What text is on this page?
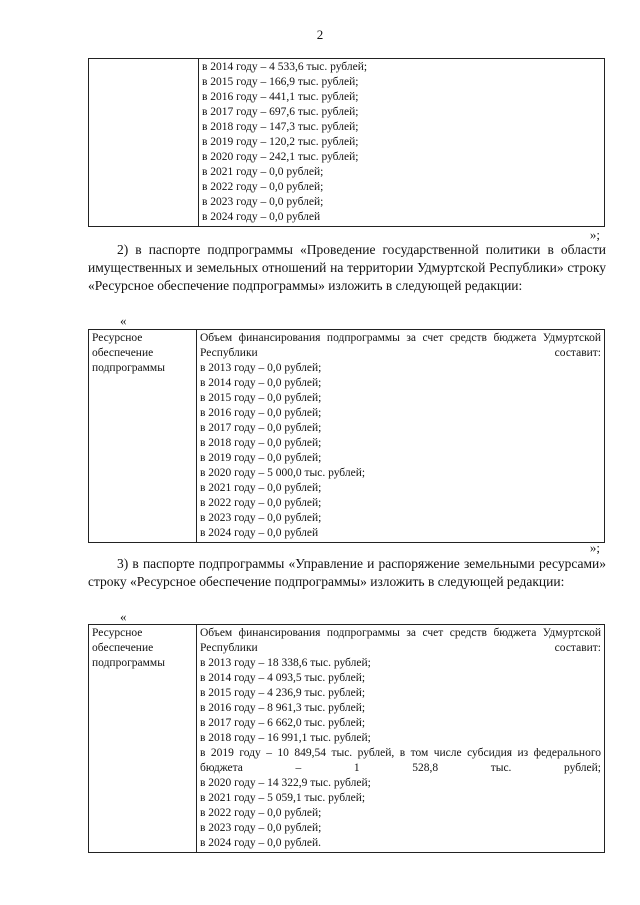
2

в 2014 году – 4 533,6 тыс. рублей;
в 2015 году – 166,9 тыс. рублей;
в 2016 году – 441,1 тыс. рублей;
в 2017 году – 697,6 тыс. рублей;
в 2018 году – 147,3 тыс. рублей;
в 2019 году – 120,2 тыс. рублей;
в 2020 году – 242,1 тыс. рублей;
в 2021 году – 0,0 рублей;
в 2022 году – 0,0 рублей;
в 2023 году – 0,0 рублей;
в 2024 году – 0,0 рублей
»;
2) в паспорте подпрограммы «Проведение государственной политики в области имущественных и земельных отношений на территории Удмуртской Республики» строку «Ресурсное обеспечение подпрограммы» изложить в следующей редакции:
«
Ресурсное обеспечение подпрограммы	
Объем финансирования подпрограммы за счет средств бюджета Удмуртской Республики составит:
в 2013 году – 0,0 рублей;
в 2014 году – 0,0 рублей;
в 2015 году – 0,0 рублей;
в 2016 году – 0,0 рублей;
в 2017 году – 0,0 рублей;
в 2018 году – 0,0 рублей;
в 2019 году – 0,0 рублей;
в 2020 году – 5 000,0 тыс. рублей;
в 2021 году – 0,0 рублей;
в 2022 году – 0,0 рублей;
в 2023 году – 0,0 рублей;
в 2024 году – 0,0 рублей
»;
3) в паспорте подпрограммы «Управление и распоряжение земельными ресурсами» строку «Ресурсное обеспечение подпрограммы» изложить в следующей редакции:
«
Ресурсное обеспечение подпрограммы	
Объем финансирования подпрограммы за счет средств бюджета Удмуртской Республики составит:
в 2013 году – 18 338,6 тыс. рублей;
в 2014 году – 4 093,5 тыс. рублей;
в 2015 году – 4 236,9 тыс. рублей;
в 2016 году – 8 961,3 тыс. рублей;
в 2017 году – 6 662,0 тыс. рублей;
в 2018 году – 16 991,1 тыс. рублей;
в 2019 году – 10 849,54 тыс. рублей, в том числе субсидия из федерального бюджета – 1 528,8 тыс. рублей;
в 2020 году – 14 322,9 тыс. рублей;
в 2021 году – 5 059,1 тыс. рублей;
в 2022 году – 0,0 рублей;
в 2023 году – 0,0 рублей;
в 2024 году – 0,0 рублей.
